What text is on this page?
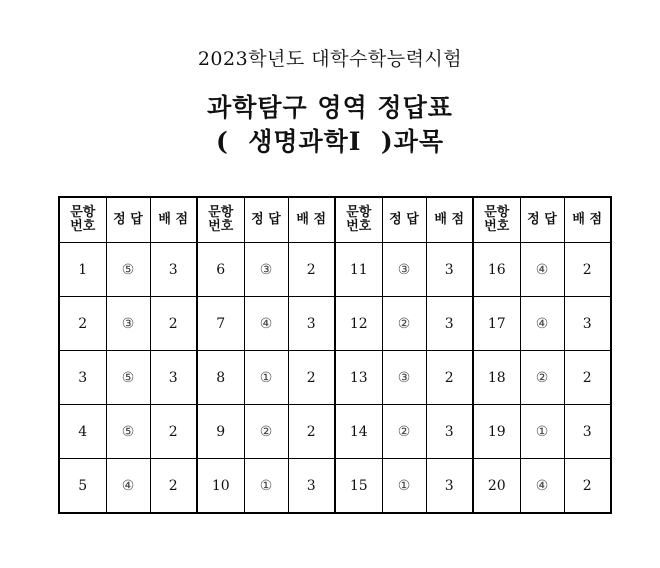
2023학년도 대학수학능력시험
과학탐구 영역 정답표
(  생명과학Ⅰ  )과목
문항 번호	정 답	배 점	문항 번호	정 답	배 점	문항 번호	정 답	배 점	문항 번호	정 답	배 점
1	⑤	3	6	③	2	11	③	3	16	④	2
2	③	2	7	④	3	12	②	3	17	④	3
3	⑤	3	8	①	2	13	③	2	18	②	2
4	⑤	2	9	②	2	14	②	3	19	①	3
5	④	2	10	①	3	15	①	3	20	④	2
